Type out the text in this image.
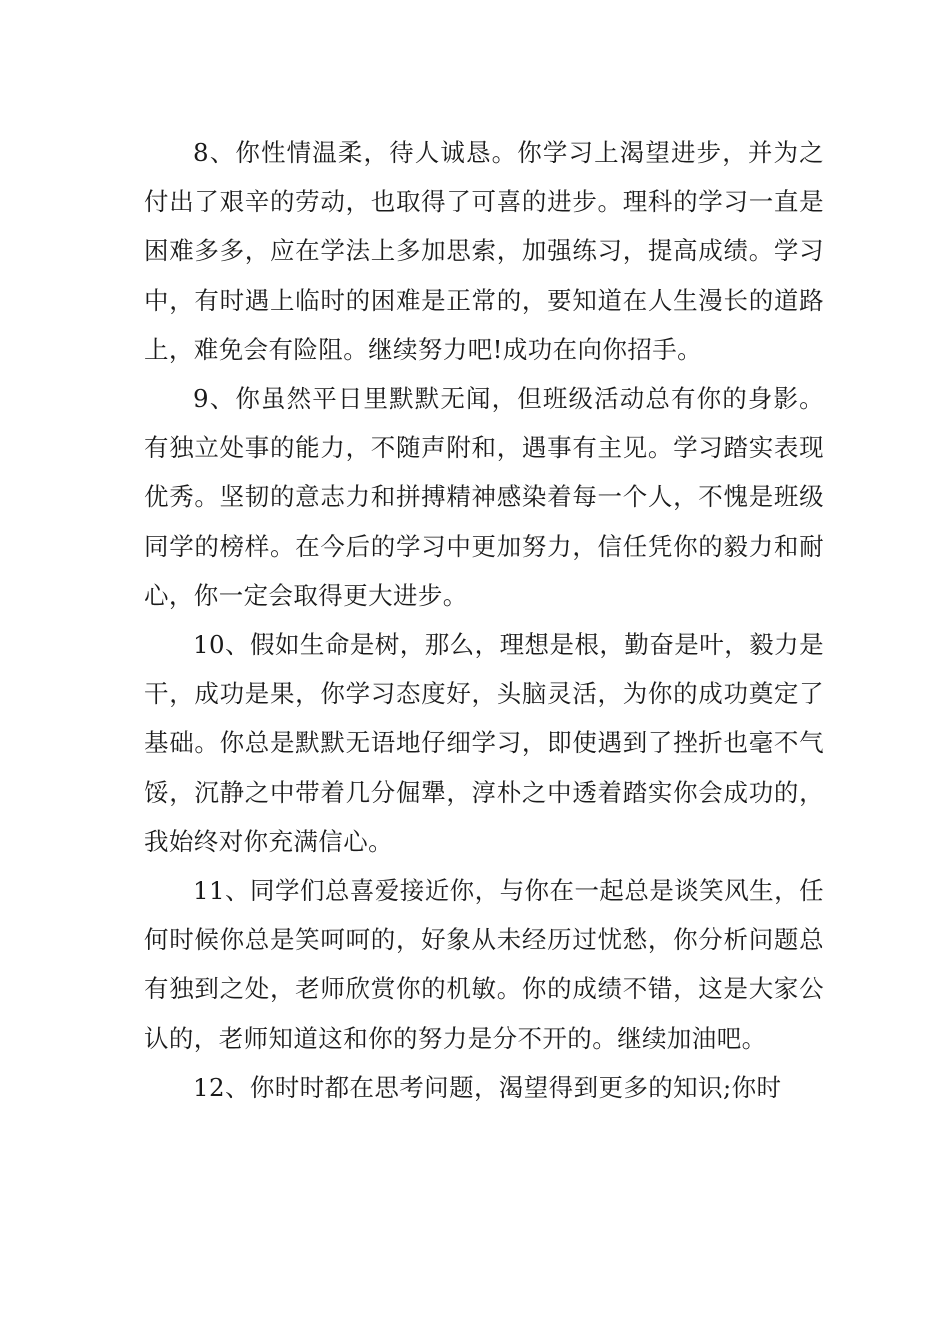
8、你性情温柔，待人诚恳。你学习上渴望进步，并为之付出了艰辛的劳动，也取得了可喜的进步。理科的学习一直是困难多多，应在学法上多加思索，加强练习，提高成绩。学习中，有时遇上临时的困难是正常的，要知道在人生漫长的道路上，难免会有险阻。继续努力吧!成功在向你招手。

9、你虽然平日里默默无闻，但班级活动总有你的身影。有独立处事的能力，不随声附和，遇事有主见。学习踏实表现优秀。坚韧的意志力和拼搏精神感染着每一个人，不愧是班级同学的榜样。在今后的学习中更加努力，信任凭你的毅力和耐心，你一定会取得更大进步。

10、假如生命是树，那么，理想是根，勤奋是叶，毅力是干，成功是果，你学习态度好，头脑灵活，为你的成功奠定了基础。你总是默默无语地仔细学习，即使遇到了挫折也毫不气馁，沉静之中带着几分倔犟，淳朴之中透着踏实你会成功的，我始终对你充满信心。

11、同学们总喜爱接近你，与你在一起总是谈笑风生，任何时候你总是笑呵呵的，好象从未经历过忧愁，你分析问题总有独到之处，老师欣赏你的机敏。你的成绩不错，这是大家公认的，老师知道这和你的努力是分不开的。继续加油吧。

12、你时时都在思考问题，渴望得到更多的知识;你时
